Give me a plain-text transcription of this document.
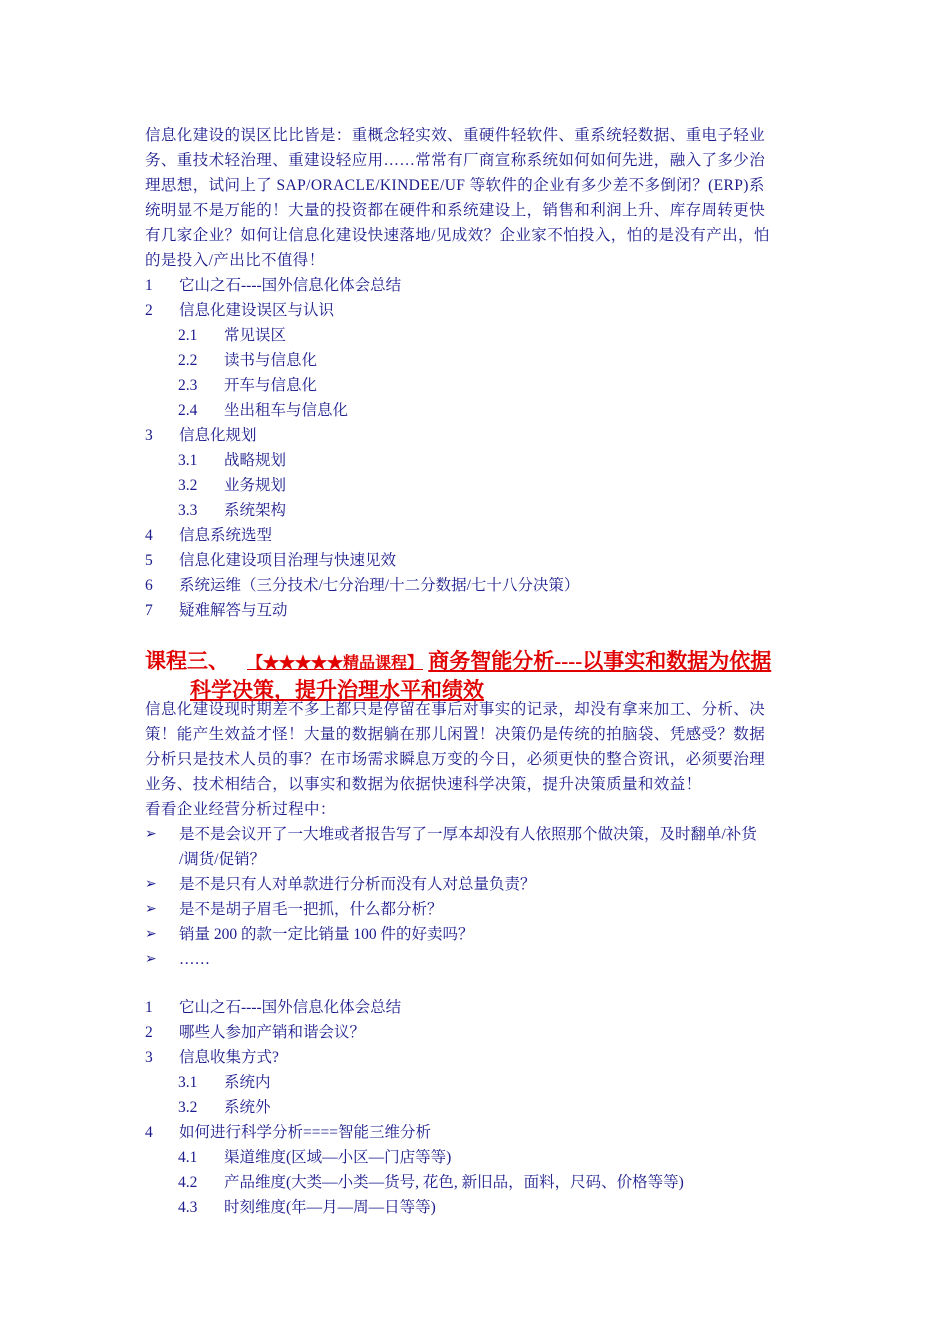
信息化建设的误区比比皆是：重概念轻实效、重硬件轻软件、重系统轻数据、重电子轻业
务、重技术轻治理、重建设轻应用……常常有厂商宣称系统如何如何先进，融入了多少治
理思想，试问上了 SAP/ORACLE/KINDEE/UF 等软件的企业有多少差不多倒闭？(ERP)系
统明显不是万能的！大量的投资都在硬件和系统建设上，销售和利润上升、库存周转更快
有几家企业？如何让信息化建设快速落地/见成效？企业家不怕投入，怕的是没有产出，怕
的是投入/产出比不值得！
1 它山之石----国外信息化体会总结
2 信息化建设误区与认识
2.1 常见误区
2.2 读书与信息化
2.3 开车与信息化
2.4 坐出租车与信息化
3 信息化规划
3.1 战略规划
3.2 业务规划
3.3 系统架构
4 信息系统选型
5 信息化建设项目治理与快速见效
6 系统运维（三分技术/七分治理/十二分数据/七十八分决策）
7 疑难解答与互动
课程三、 【★★★★★精品课程】 商务智能分析----以事实和数据为依据
科学决策，提升治理水平和绩效
信息化建设现时期差不多上都只是停留在事后对事实的记录，却没有拿来加工、分析、决
策！能产生效益才怪！大量的数据躺在那儿闲置！决策仍是传统的拍脑袋、凭感受？数据
分析只是技术人员的事？在市场需求瞬息万变的今日，必须更快的整合资讯，必须要治理
业务、技术相结合，以事实和数据为依据快速科学决策，提升决策质量和效益！
看看企业经营分析过程中：
➢ 是不是会议开了一大堆或者报告写了一厚本却没有人依照那个做决策，及时翻单/补货
/调货/促销？
➢ 是不是只有人对单款进行分析而没有人对总量负责？
➢ 是不是胡子眉毛一把抓，什么都分析？
➢ 销量 200 的款一定比销量 100 件的好卖吗？
➢ ……
1 它山之石----国外信息化体会总结
2 哪些人参加产销和谐会议？
3 信息收集方式?
3.1 系统内
3.2 系统外
4 如何进行科学分析====智能三维分析
4.1 渠道维度(区域—小区—门店等等)
4.2 产品维度(大类—小类—货号, 花色, 新旧品，面料，尺码、价格等等)
4.3 时刻维度(年—月—周—日等等)
